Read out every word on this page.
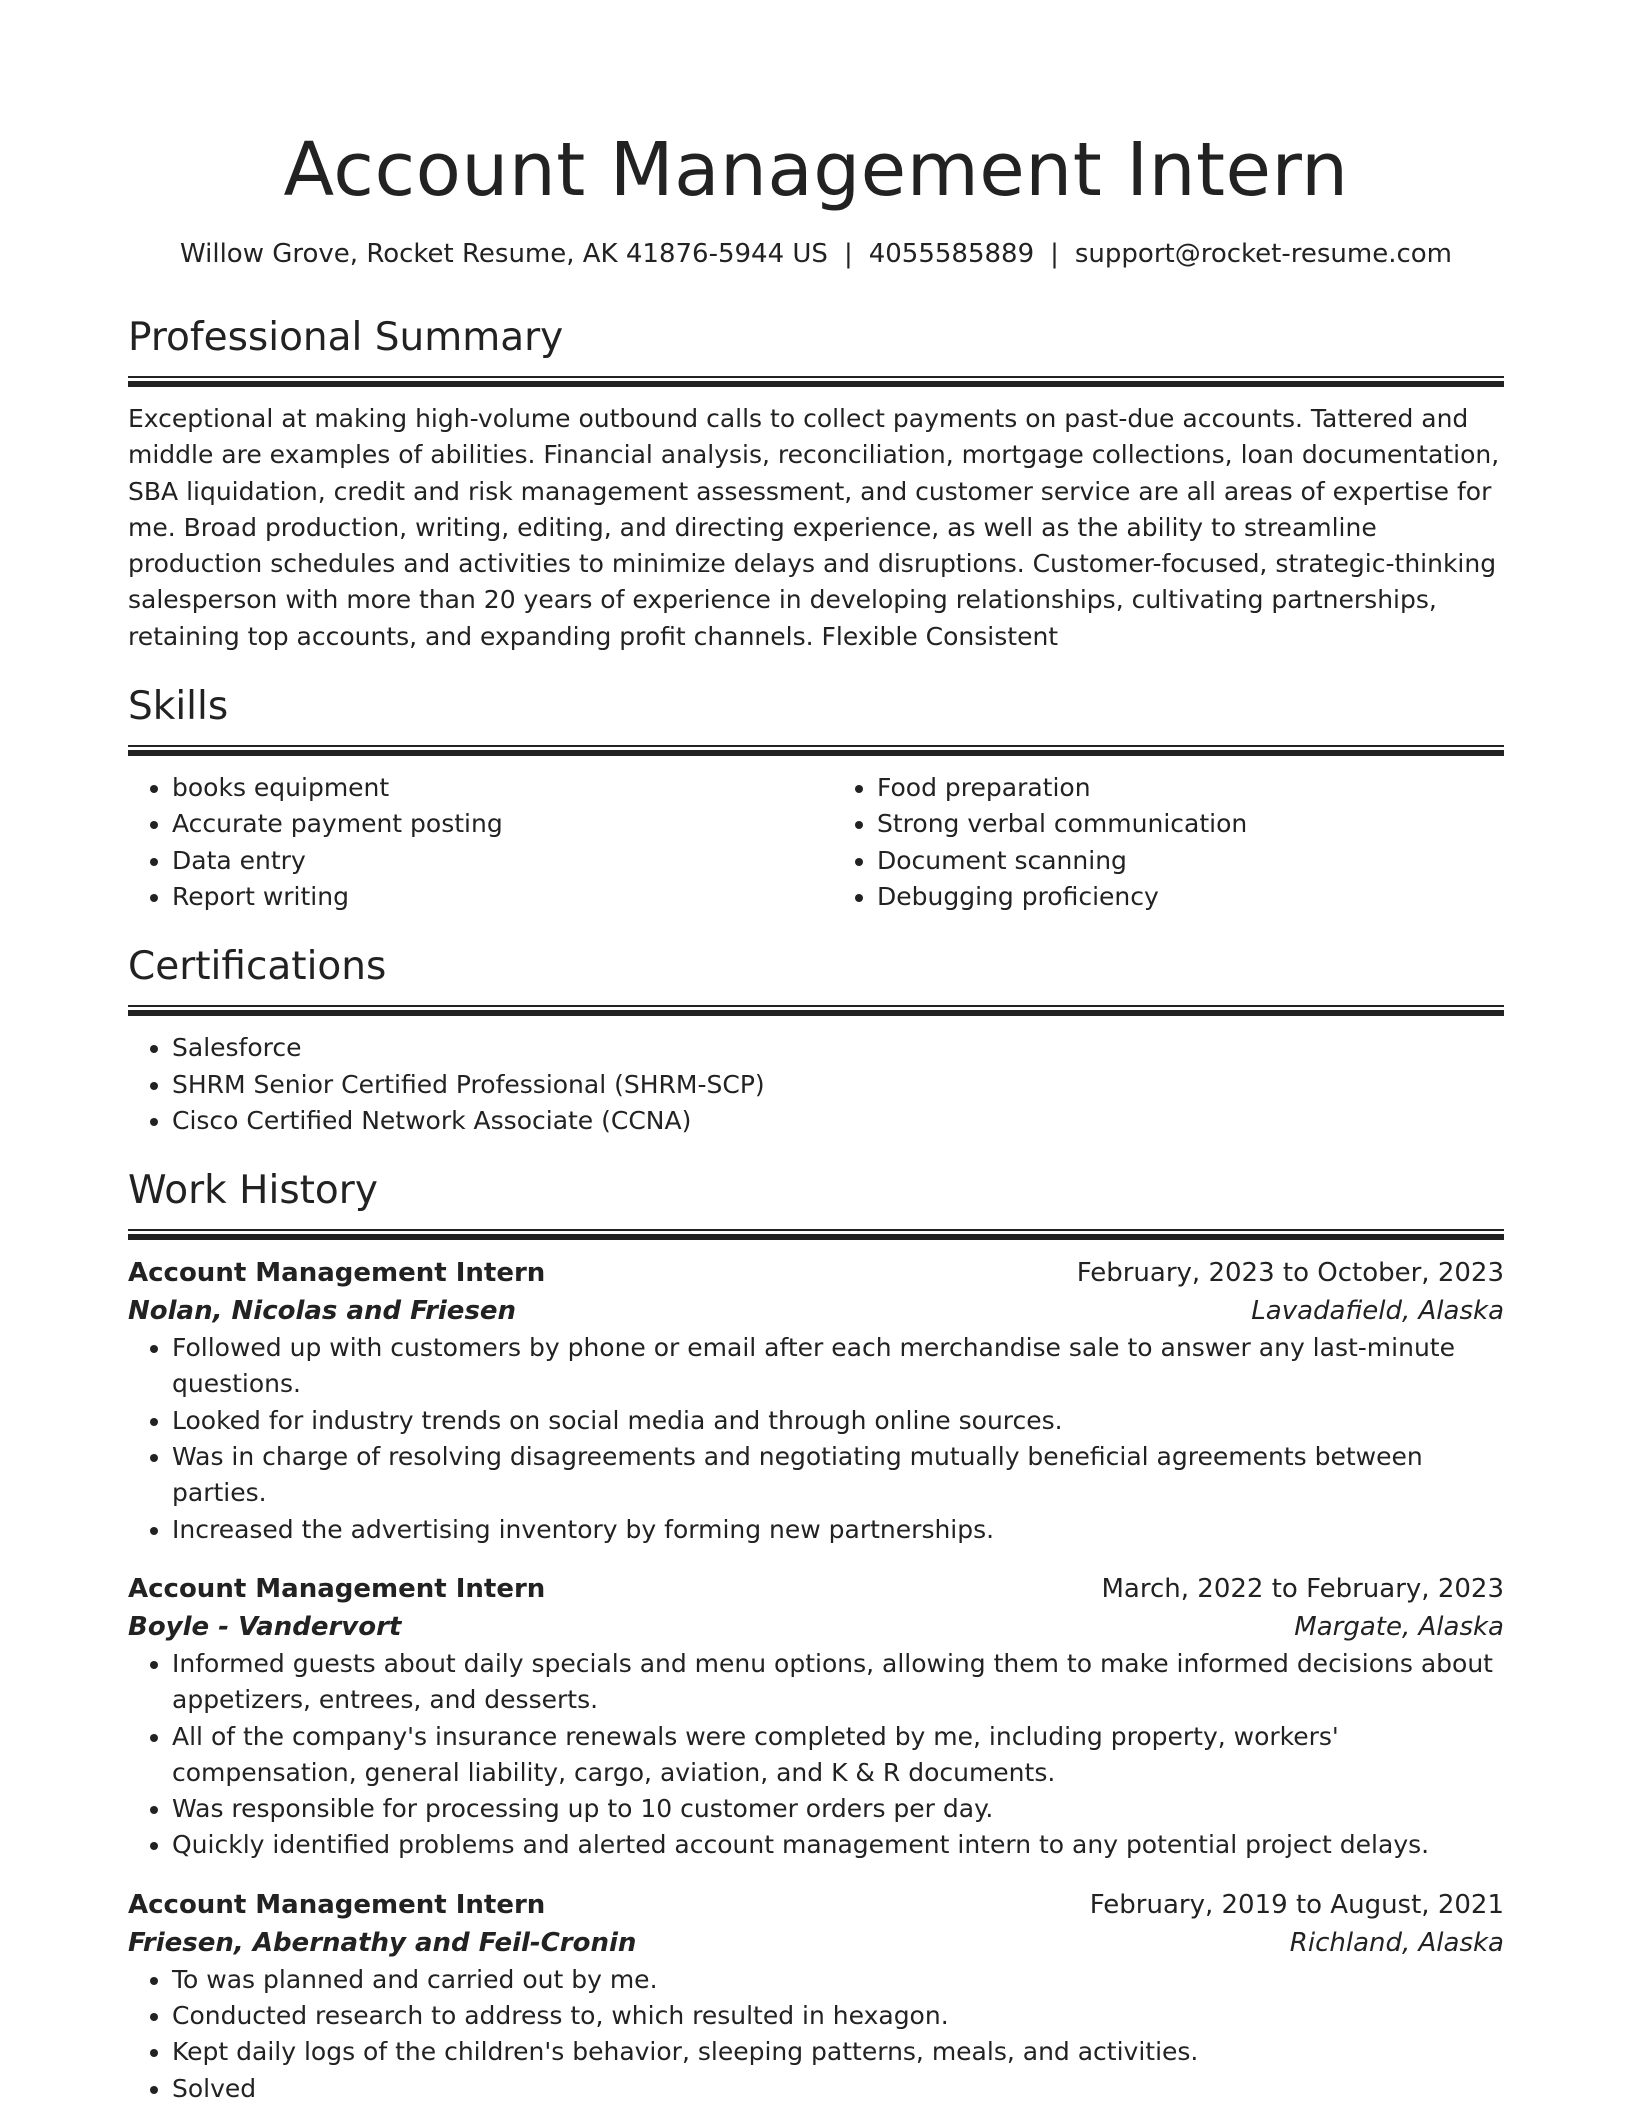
Account Management Intern
Willow Grove, Rocket Resume, AK 41876-5944 US | 4055585889 | support@rocket-resume.com
Professional Summary

Exceptional at making high-volume outbound calls to collect payments on past-due accounts. Tattered and middle are examples of abilities. Financial analysis, reconciliation, mortgage collections, loan documentation, SBA liquidation, credit and risk management assessment, and customer service are all areas of expertise for me. Broad production, writing, editing, and directing experience, as well as the ability to streamline production schedules and activities to minimize delays and disruptions. Customer-focused, strategic-thinking salesperson with more than 20 years of experience in developing relationships, cultivating partnerships, retaining top accounts, and expanding profit channels. Flexible Consistent

Skills
• books equipment
• Accurate payment posting
• Data entry
• Report writing
• Food preparation
• Strong verbal communication
• Document scanning
• Debugging proficiency
Certifications
• Salesforce
• SHRM Senior Certified Professional (SHRM-SCP)
• Cisco Certified Network Associate (CCNA)
Work History
Account Management Intern	February, 2023 to October, 2023
Nolan, Nicolas and Friesen	Lavadafield, Alaska
• Followed up with customers by phone or email after each merchandise sale to answer any last-minute questions.
• Looked for industry trends on social media and through online sources.
• Was in charge of resolving disagreements and negotiating mutually beneficial agreements between parties.
• Increased the advertising inventory by forming new partnerships.
Account Management Intern	March, 2022 to February, 2023
Boyle - Vandervort	Margate, Alaska
• Informed guests about daily specials and menu options, allowing them to make informed decisions about appetizers, entrees, and desserts.
• All of the company's insurance renewals were completed by me, including property, workers' compensation, general liability, cargo, aviation, and K & R documents.
• Was responsible for processing up to 10 customer orders per day.
• Quickly identified problems and alerted account management intern to any potential project delays.
Account Management Intern	February, 2019 to August, 2021
Friesen, Abernathy and Feil-Cronin	Richland, Alaska
• To was planned and carried out by me.
• Conducted research to address to, which resulted in hexagon.
• Kept daily logs of the children's behavior, sleeping patterns, meals, and activities.
• Solved
